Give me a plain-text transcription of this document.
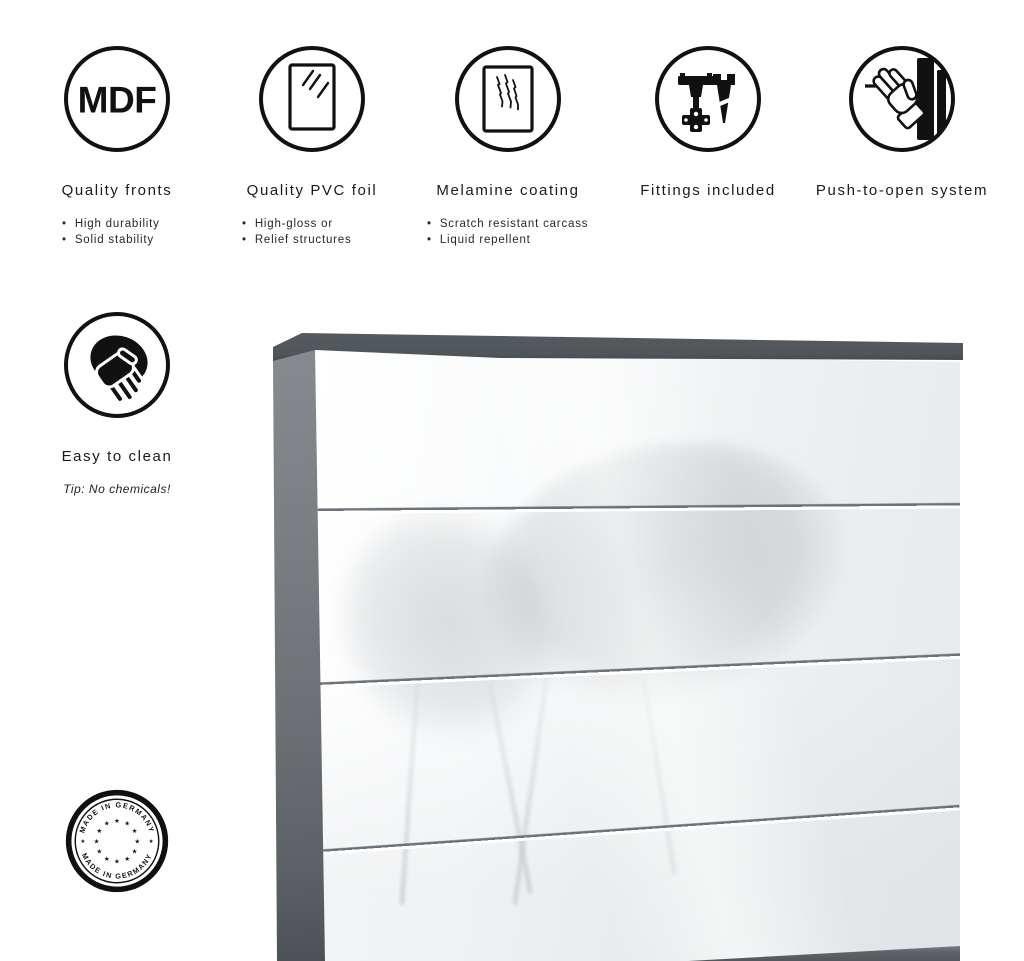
MDF
Quality fronts
• High durability
• Solid stability
Quality PVC foil
• High-gloss or
• Relief structures
Melamine coating
• Scratch resistant carcass
• Liquid repellent
Fittings included	Push-to-open system
Easy to clean
Tip: No chemicals!
MADE IN GERMANY
MADE IN GERMANY
★
★
★
★
★
★
★
★
★ ★ ★
★
★	★
